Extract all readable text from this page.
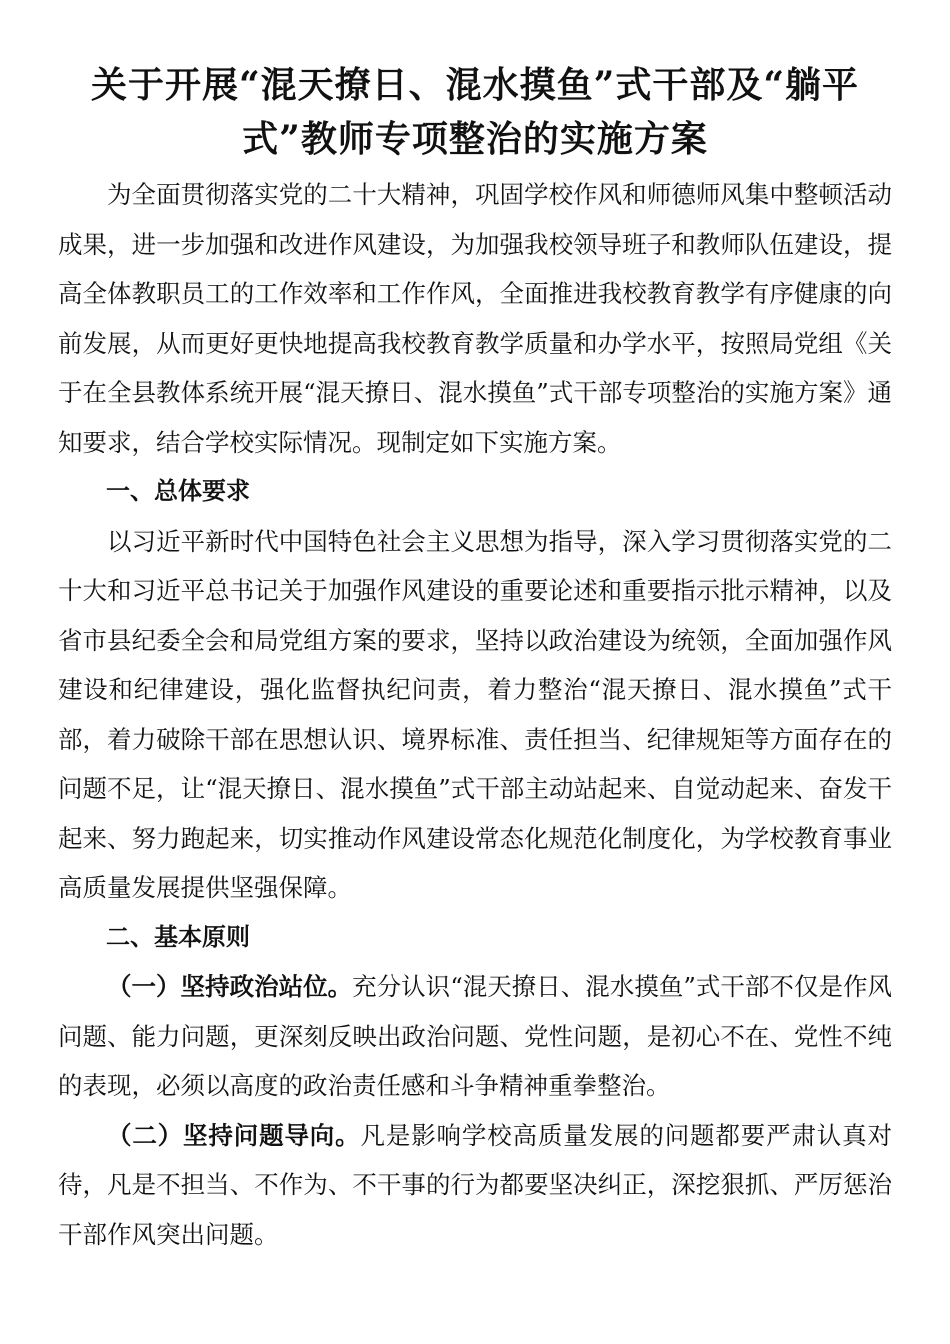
关于开展“混天撩日、混水摸鱼”式干部及“躺平
式”教师专项整治的实施方案

为全面贯彻落实党的二十大精神，巩固学校作风和师德师风集中整顿活动成果，进一步加强和改进作风建设，为加强我校领导班子和教师队伍建设，提高全体教职员工的工作效率和工作作风，全面推进我校教育教学有序健康的向前发展，从而更好更快地提高我校教育教学质量和办学水平，按照局党组《关于在全县教体系统开展“混天撩日、混水摸鱼”式干部专项整治的实施方案》通知要求，结合学校实际情况。现制定如下实施方案。

一、总体要求

以习近平新时代中国特色社会主义思想为指导，深入学习贯彻落实党的二十大和习近平总书记关于加强作风建设的重要论述和重要指示批示精神，以及省市县纪委全会和局党组方案的要求，坚持以政治建设为统领，全面加强作风建设和纪律建设，强化监督执纪问责，着力整治“混天撩日、混水摸鱼”式干部，着力破除干部在思想认识、境界标准、责任担当、纪律规矩等方面存在的问题不足，让“混天撩日、混水摸鱼”式干部主动站起来、自觉动起来、奋发干起来、努力跑起来，切实推动作风建设常态化规范化制度化，为学校教育事业高质量发展提供坚强保障。

二、基本原则

（一）坚持政治站位。充分认识“混天撩日、混水摸鱼”式干部不仅是作风问题、能力问题，更深刻反映出政治问题、党性问题，是初心不在、党性不纯的表现，必须以高度的政治责任感和斗争精神重拳整治。

（二）坚持问题导向。凡是影响学校高质量发展的问题都要严肃认真对待，凡是不担当、不作为、不干事的行为都要坚决纠正，深挖狠抓、严厉惩治干部作风突出问题。
